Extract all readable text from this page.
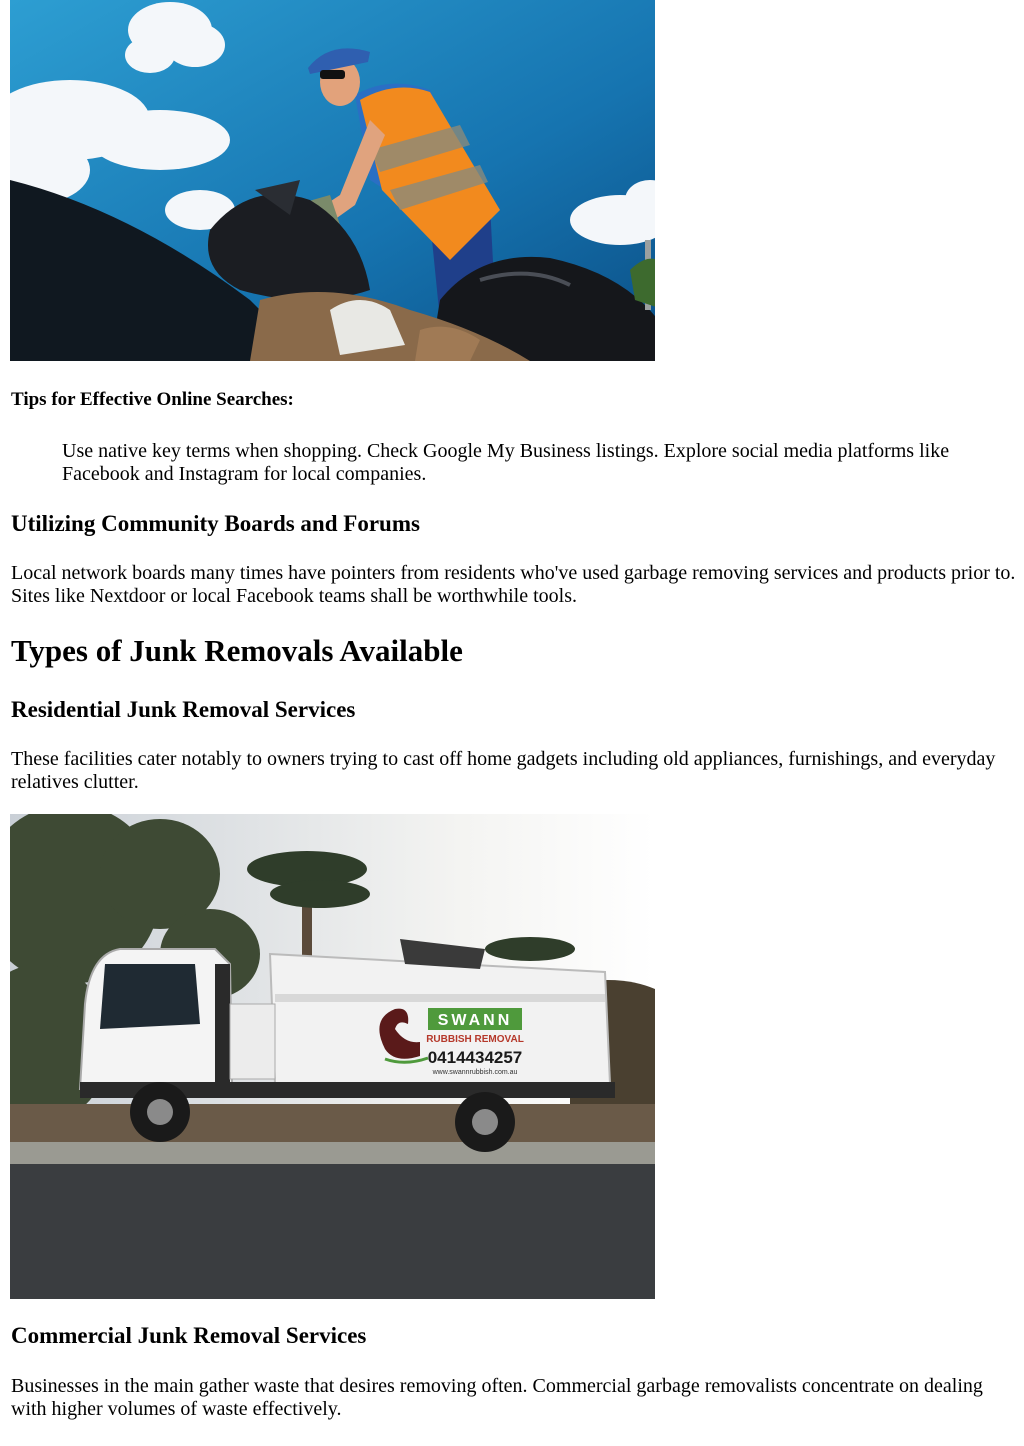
Tips for Effective Online Searches:

Use native key terms when shopping. Check Google My Business listings. Explore social media platforms like Facebook and Instagram for local companies.

Utilizing Community Boards and Forums

Local network boards many times have pointers from residents who've used garbage removing services and products prior to. Sites like Nextdoor or local Facebook teams shall be worthwhile tools.

Types of Junk Removals Available
Residential Junk Removal Services

These facilities cater notably to owners trying to cast off home gadgets including old appliances, furnishings, and everyday relatives clutter.

SWANN
RUBBISH REMOVAL
0414434257
www.swannrubbish.com.au
Commercial Junk Removal Services

Businesses in the main gather waste that desires removing often. Commercial garbage removalists concentrate on dealing with higher volumes of waste effectively.
